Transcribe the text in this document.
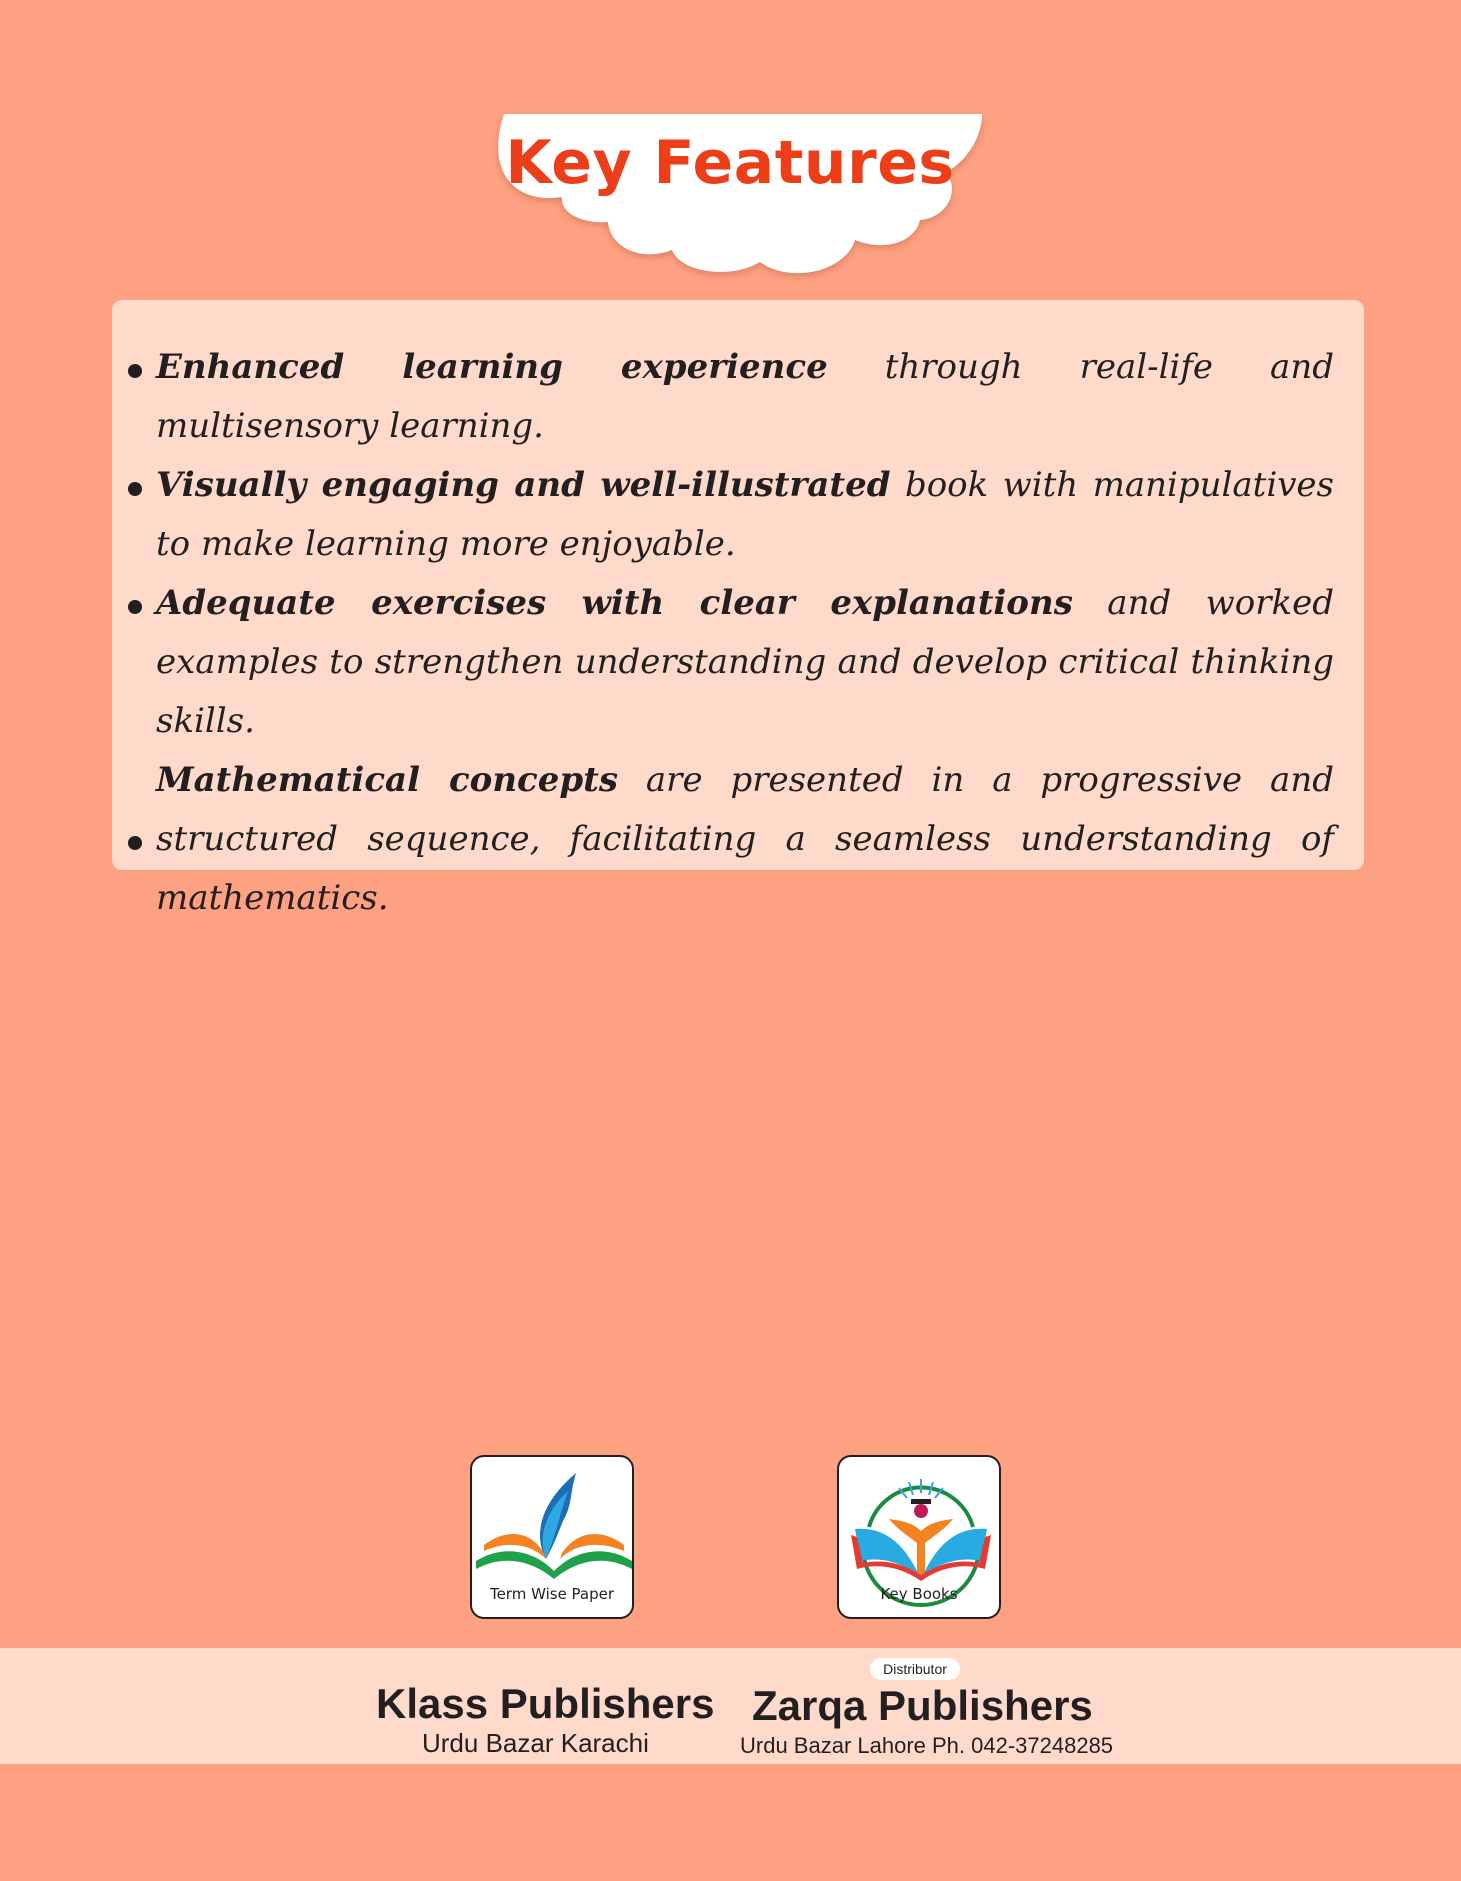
Key Features
Enhanced learning experience through real-life and multisensory learning.
Visually engaging and well-illustrated book with manipulatives to make learning more enjoyable.
Adequate exercises with clear explanations and worked examples to strengthen understanding and develop critical thinking skills.
Mathematical concepts are presented in a progressive and structured sequence, facilitating a seamless understanding of mathematics.
Term Wise Paper	Key Books
Klass Publishers
Urdu Bazar Karachi
Distributor
Zarqa Publishers
Urdu Bazar Lahore Ph. 042-37248285
